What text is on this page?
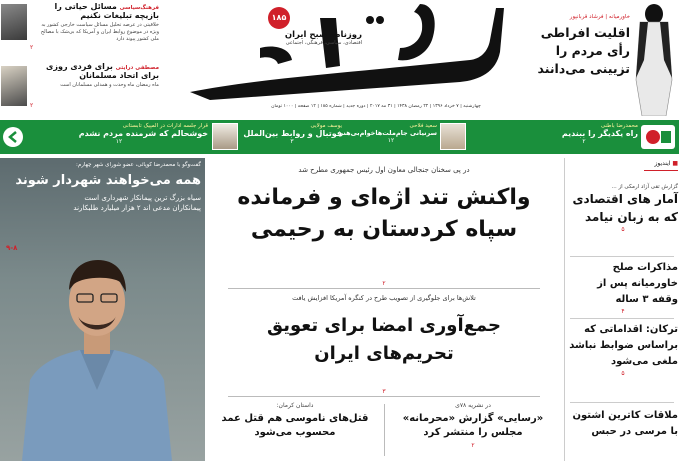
فرهنگ‌سیاسی مسائل حیاتی را بازیچه تبلیغات نکنیم
خلاقیتی در عرصه تحلیل مسائل سیاست خارجی کشور به ویژه در موضوع روابط ایران و آمریکا که بی‌شک با مصالح ملی کشور پیوند دارد
۲
مصطفی درایتی برای فردی روزی برای اتحاد مسلمانان
ماه رمضان ماه وحدت و همدلی مسلمانان است
۲
۱۸۵
روزنامه صبح ایران
اقتصادی، سیاسی، فرهنگی، اجتماعی
چهارشنبه | ۷ خرداد ۱۳۹۶ | ۲۲ رمضان ۱۴۳۸ | ۳۱ مه ۲۰۱۷ | دوره جدید | شماره ۱۸۵ | ۱۲ صفحه | ۱۰۰۰ تومان
خاورمیانه | فرشاد قربانپور
اقلیت افراطی
رأی مردم را
تزیینی می‌دانند
محمدرضا باطنی
راه یکدیگر را ببندیم
۲
سعید فلاحی
سرنیانی جام‌ملت‌هاخوام‌بی‌هنر
۱۲
یوسف مولایی
فوتبال و روابط بین‌الملل
۳
قرار جلسه ادارات در المپیک تابستانی
خوشحالم که شرمنده مردم نشدم
۱۲
گفت‌وگو با محمدرضا کوپائی، عضو شورای شهر چهارم:
همه می‌خواهند شهردار شوند
سیاه بزرگ ترین پیمانکار شهرداری است
پیمانکاران مدعی اند ۲ هزار میلیارد طلبکارند
۹-۸
در پی سخنان جنجالی معاون اول رئیس جمهوری مطرح شد
واکنش تند اژه‌ای و فرمانده
سپاه کردستان به رحیمی
۲
تلاش‌ها برای جلوگیری از تصویب طرح در کنگره آمریکا افزایش یافت
جمع‌آوری امضا برای تعویق
تحریم‌های ایران
۳
در نشریه ۷۸ی
«رسایی» گزارش «محرمانه» مجلس را منتشر کرد
۲
داستان کرمان:
قتل‌های ناموسی هم قتل عمد محسوب می‌شود
■ ایندیوز
گزارش تقی آزاد ارمکی از ...
آمار های اقتصادی که به زبان نیامد
۵
مذاکرات صلح خاورمیانه پس از وقفه ۳ ساله
۴
ترکان: اقداماتی که براساس ضوابط نباشد ملغی می‌شود
۵
ملاقات کاترین اشتون با مرسی در حبس
